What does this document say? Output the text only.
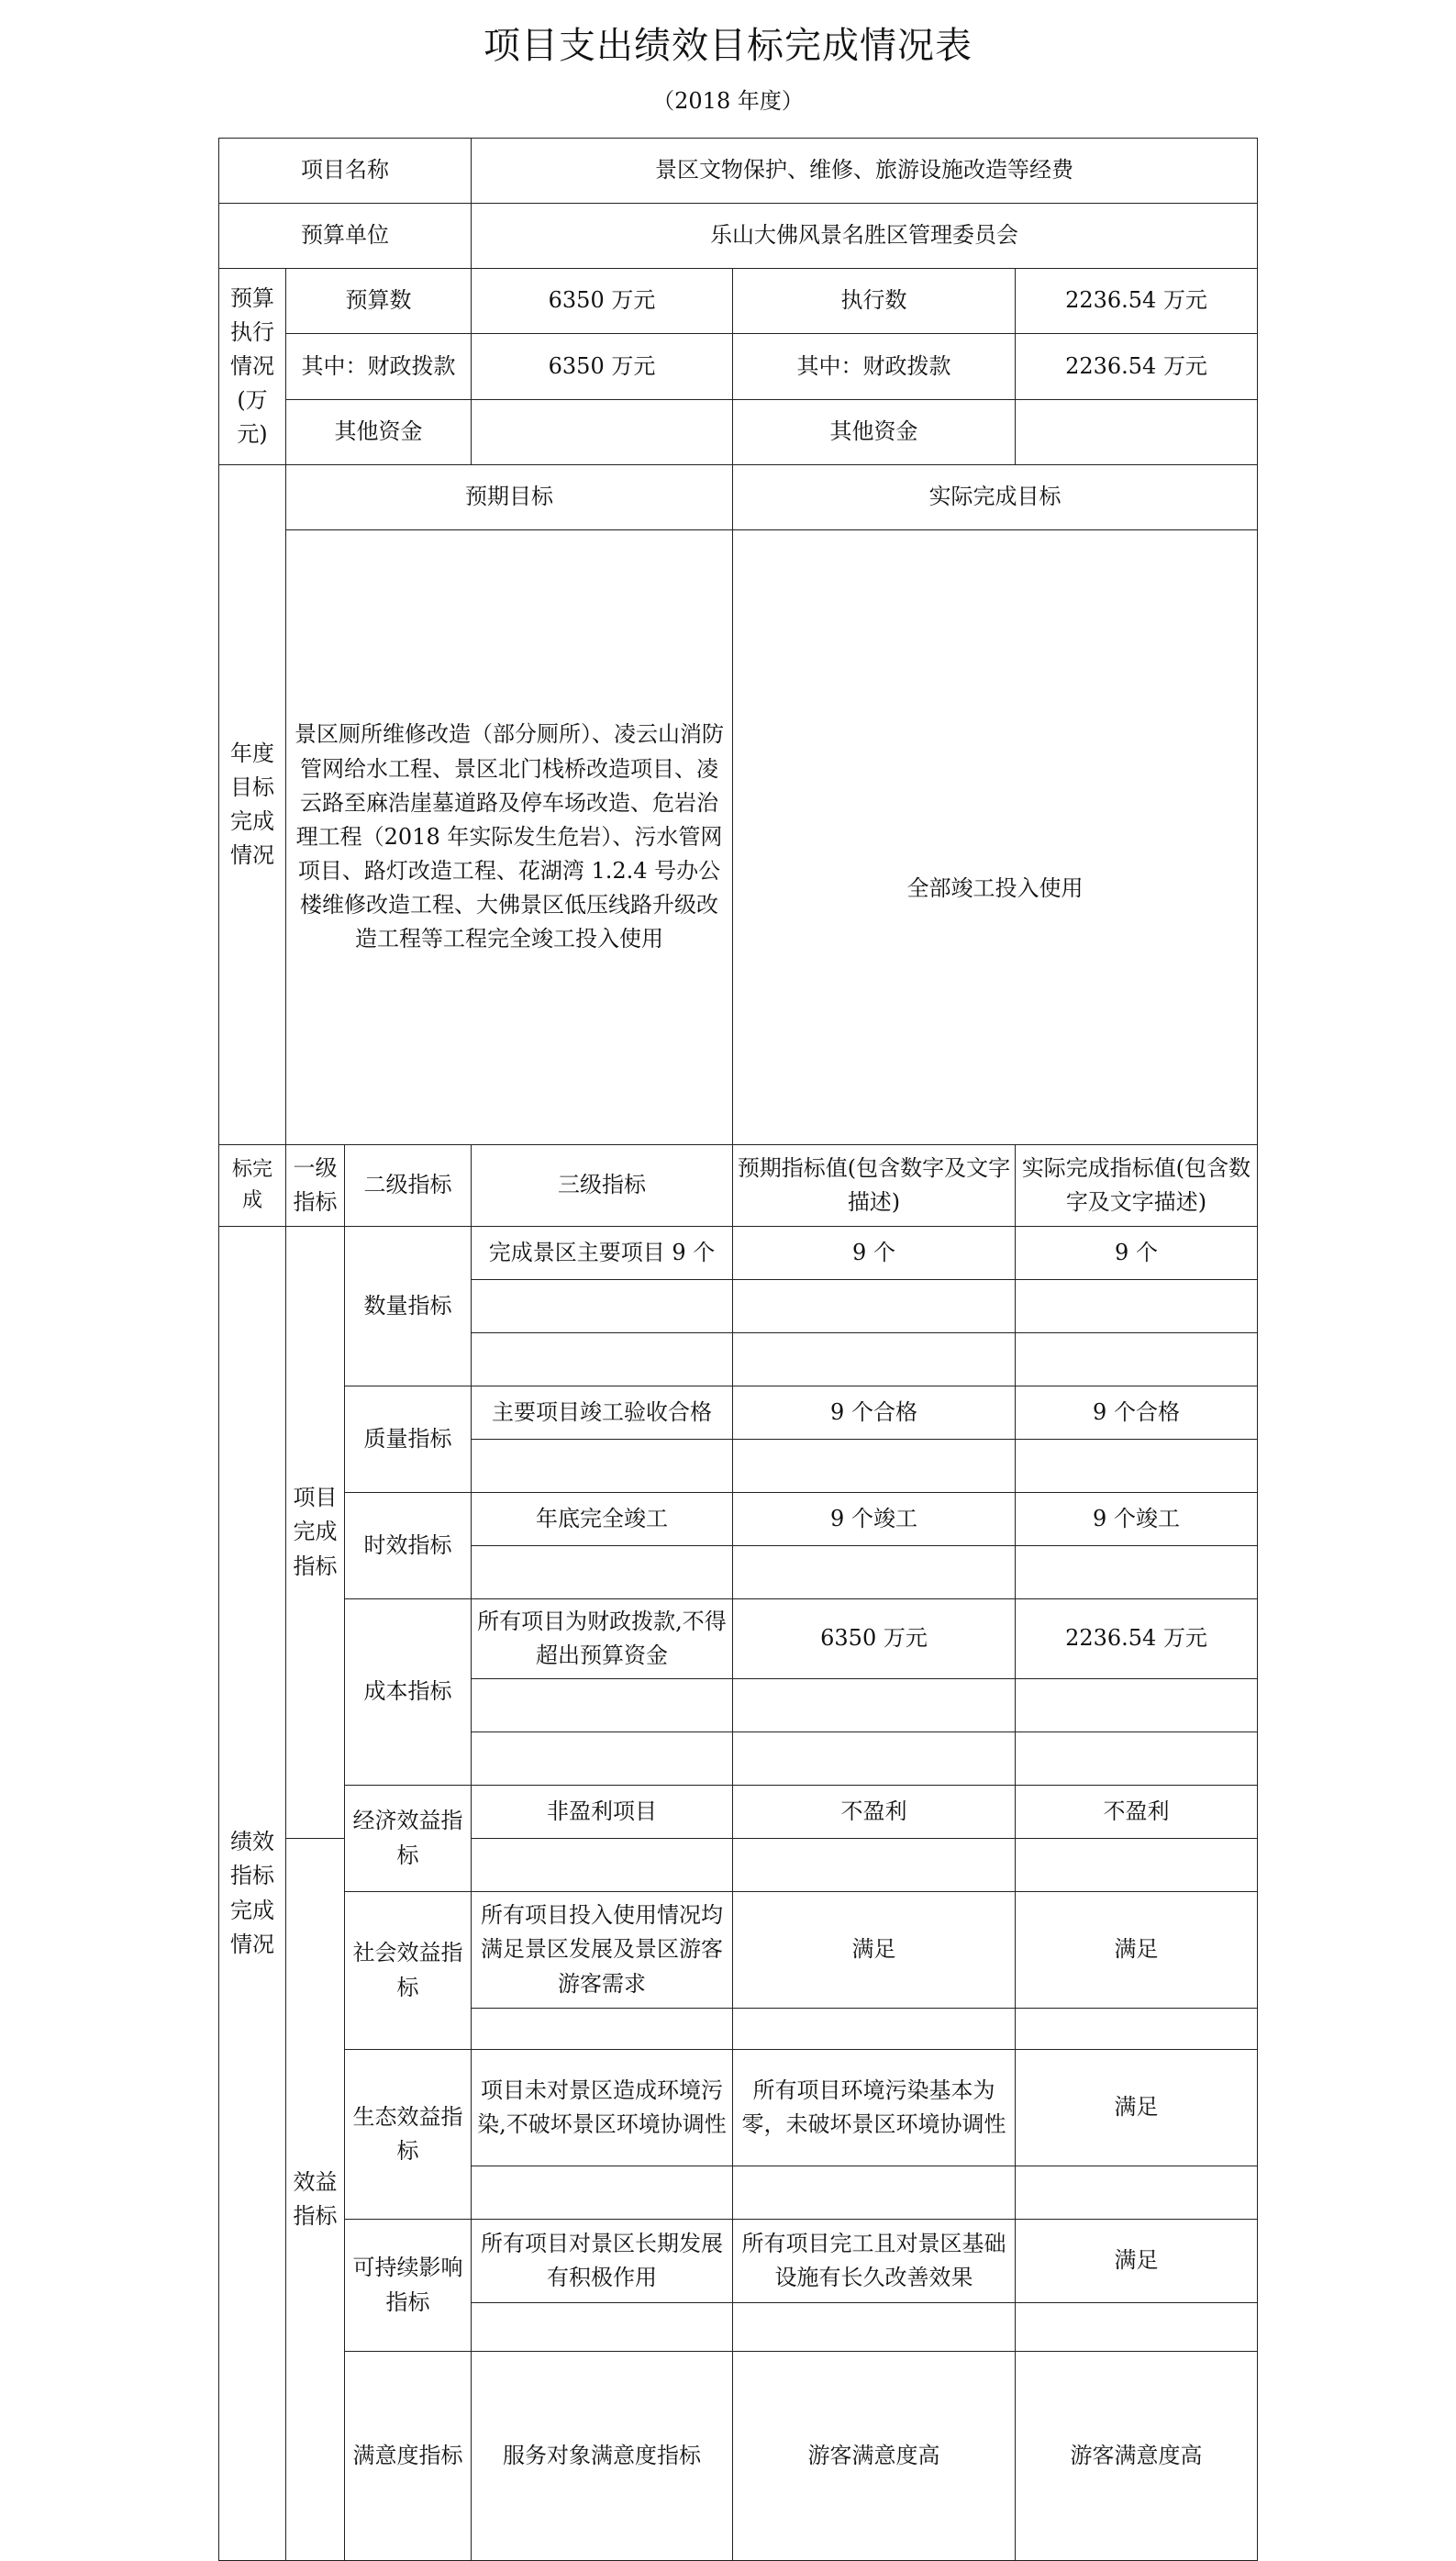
项目支出绩效目标完成情况表
（2018 年度）
项目名称			景区文物保护、维修、旅游设施改造等经费			
预算单位			乐山大佛风景名胜区管理委员会			
预算执行情况(万元)	预算数		6350 万元	执行数	2236.54 万元	
	其中：财政拨款		6350 万元	其中：财政拨款	2236.54 万元	
	其他资金			其他资金		
年度目标完成情况	预期目标			实际完成目标		
	景区厕所维修改造（部分厕所）、凌云山消防管网给水工程、景区北门栈桥改造项目、凌云路至麻浩崖墓道路及停车场改造、危岩治理工程（2018 年实际发生危岩）、污水管网项目、路灯改造工程、花湖湾 1.2.4 号办公楼维修改造工程、大佛景区低压线路升级改造工程等工程完全竣工投入使用			全部竣工投入使用		
标完成	一级指标	二级指标	三级指标	预期指标值(包含数字及文字描述)	实际完成指标值(包含数字及文字描述)	
绩效指标完成情况	项目完成指标	数量指标	完成景区主要项目 9 个	9 个	9 个	

		质量指标	主要项目竣工验收合格	9 个合格	9 个合格	

		时效指标	年底完全竣工	9 个竣工	9 个竣工	

		成本指标	所有项目为财政拨款,不得超出预算资金	6350 万元	2236.54 万元	

		经济效益指标	非盈利项目	不盈利	不盈利	
	效益指标					
		社会效益指标	所有项目投入使用情况均满足景区发展及景区游客游客需求	满足	满足	

		生态效益指标	项目未对景区造成环境污染,不破坏景区环境协调性	所有项目环境污染基本为零，未破坏景区环境协调性	满足	

		可持续影响指标	所有项目对景区长期发展有积极作用	所有项目完工且对景区基础设施有长久改善效果	满足	

		满意度指标	服务对象满意度指标	游客满意度高	游客满意度高	
